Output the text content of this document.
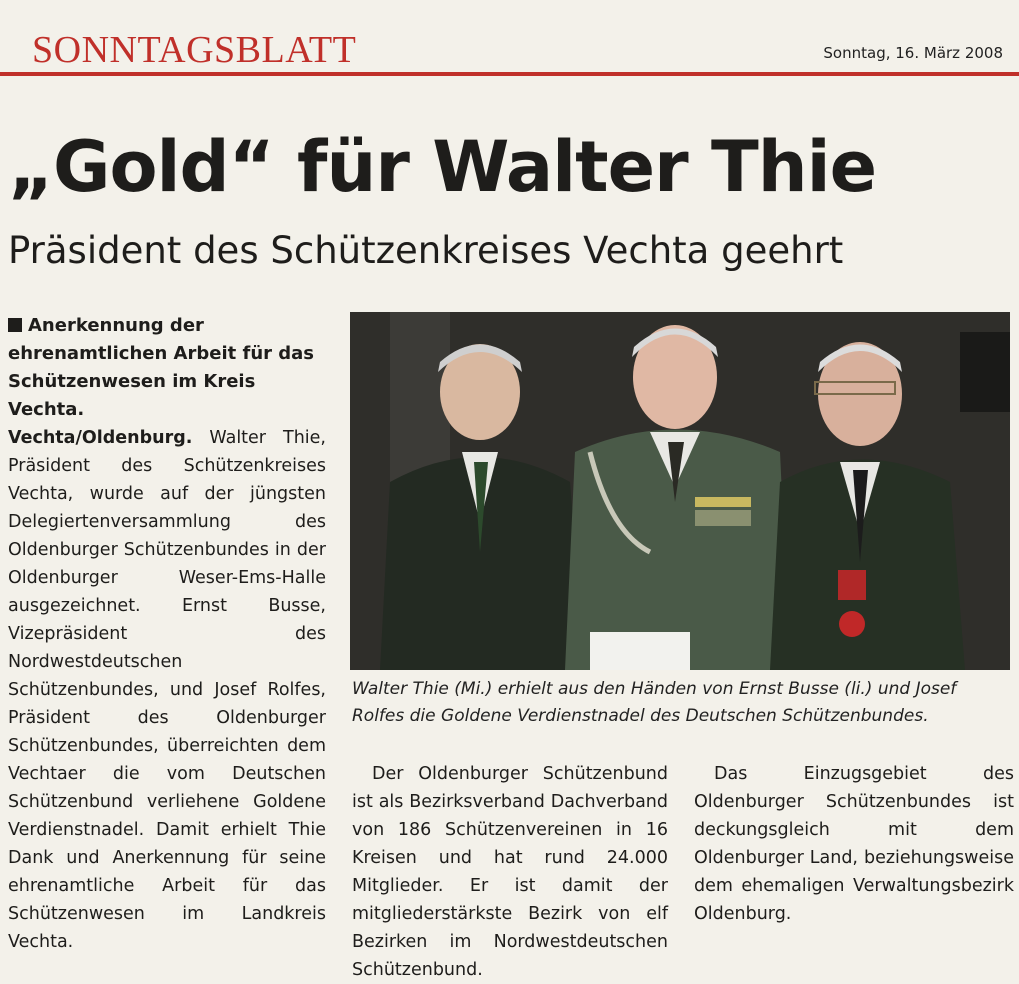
SONNTAGSBLATT	Sonntag, 16. März 2008
„Gold“ für Walter Thie
Präsident des Schützenkreises Vechta geehrt

Anerkennung der ehrenamtlichen Arbeit für das Schützenwesen im Kreis Vechta.

Vechta/Oldenburg. Walter Thie, Präsident des Schützenkreises Vechta, wurde auf der jüngsten Delegiertenversammlung des Oldenburger Schützenbundes in der Oldenburger Weser-Ems-Halle ausgezeichnet. Ernst Busse, Vizepräsident des Nordwestdeutschen Schützenbundes, und Josef Rolfes, Präsident des Oldenburger Schützenbundes, überreichten dem Vechtaer die vom Deutschen Schützenbund verliehene Goldene Verdienstnadel. Damit erhielt Thie Dank und Anerkennung für seine ehrenamtliche Arbeit für das Schützenwesen im Landkreis Vechta.

Walter Thie (Mi.) erhielt aus den Händen von Ernst Busse (li.) und Josef Rolfes die Goldene Verdienstnadel des Deutschen Schützenbundes.

Der Oldenburger Schützenbund ist als Bezirksverband Dachverband von 186 Schützenvereinen in 16 Kreisen und hat rund 24.000 Mitglieder. Er ist damit der mitgliederstärkste Bezirk von elf Bezirken im Nordwestdeutschen Schützenbund.

Das Einzugsgebiet des Oldenburger Schützenbundes ist deckungsgleich mit dem Oldenburger Land, beziehungsweise dem ehemaligen Verwaltungsbezirk Oldenburg.
